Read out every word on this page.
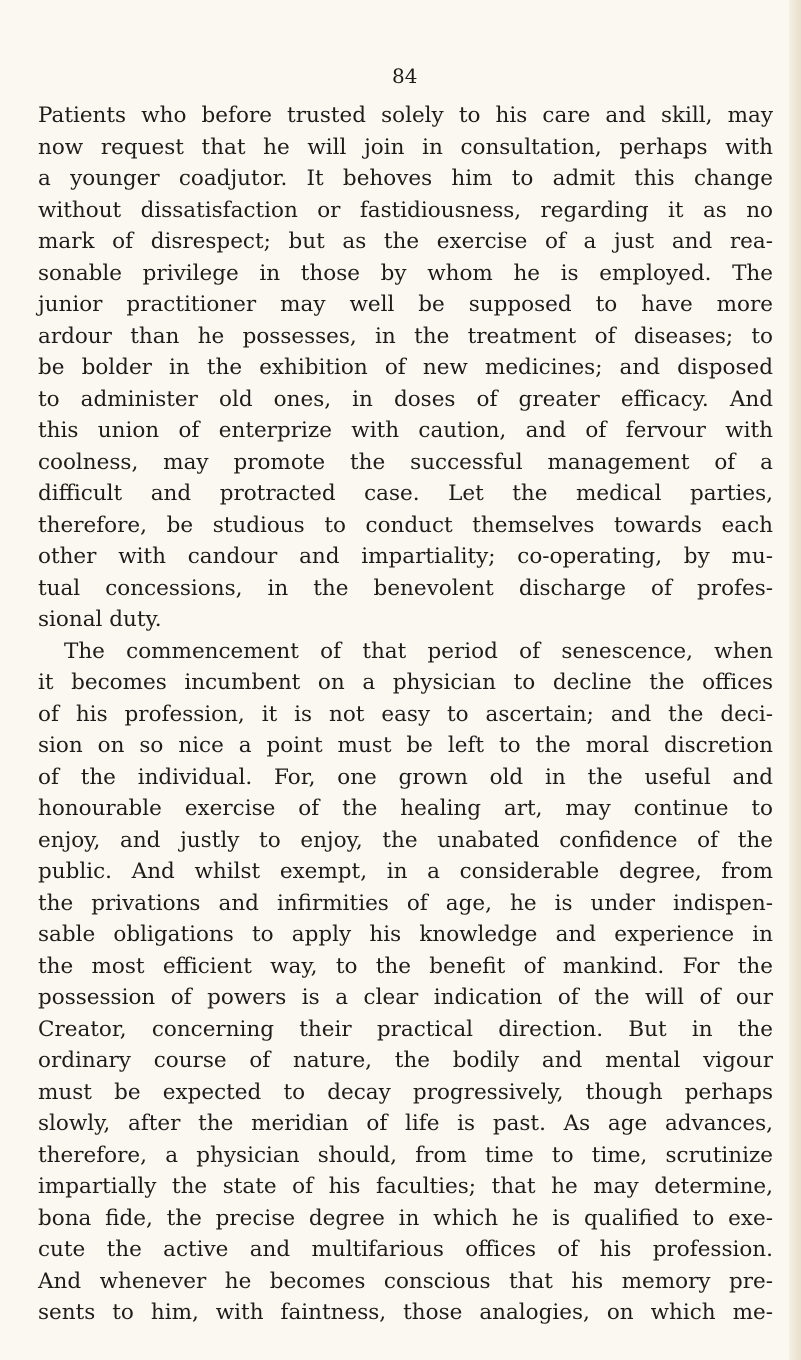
84
Patients who before trusted solely to his care and skill, may
now request that he will join in consultation, perhaps with
a younger coadjutor. It behoves him to admit this change
without dissatisfaction or fastidiousness, regarding it as no
mark of disrespect; but as the exercise of a just and rea-
sonable privilege in those by whom he is employed. The
junior practitioner may well be supposed to have more
ardour than he possesses, in the treatment of diseases; to
be bolder in the exhibition of new medicines; and disposed
to administer old ones, in doses of greater efficacy. And
this union of enterprize with caution, and of fervour with
coolness, may promote the successful management of a
difficult and protracted case. Let the medical parties,
therefore, be studious to conduct themselves towards each
other with candour and impartiality; co-operating, by mu-
tual concessions, in the benevolent discharge of profes-
sional duty.
The commencement of that period of senescence, when
it becomes incumbent on a physician to decline the offices
of his profession, it is not easy to ascertain; and the deci-
sion on so nice a point must be left to the moral discretion
of the individual. For, one grown old in the useful and
honourable exercise of the healing art, may continue to
enjoy, and justly to enjoy, the unabated confidence of the
public. And whilst exempt, in a considerable degree, from
the privations and infirmities of age, he is under indispen-
sable obligations to apply his knowledge and experience in
the most efficient way, to the benefit of mankind. For the
possession of powers is a clear indication of the will of our
Creator, concerning their practical direction. But in the
ordinary course of nature, the bodily and mental vigour
must be expected to decay progressively, though perhaps
slowly, after the meridian of life is past. As age advances,
therefore, a physician should, from time to time, scrutinize
impartially the state of his faculties; that he may determine,
bona fide, the precise degree in which he is qualified to exe-
cute the active and multifarious offices of his profession.
And whenever he becomes conscious that his memory pre-
sents to him, with faintness, those analogies, on which me-
